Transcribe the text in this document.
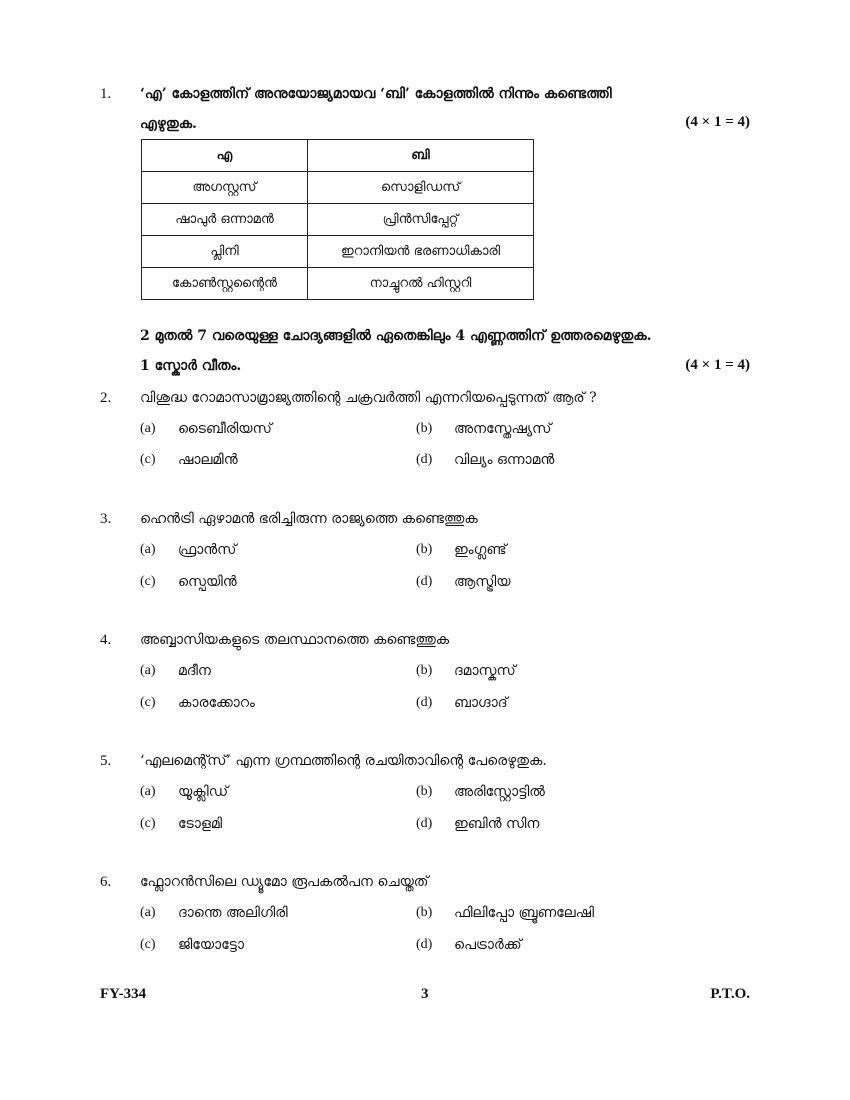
1. ‘എ’ കോളത്തിന് അനുയോജ്യമായവ ‘ബി’ കോളത്തിൽ നിന്നും കണ്ടെത്തി
എഴുതുക.	(4 × 1 = 4)
എ	ബി
അഗസ്റ്റസ്	സൊളിഡസ്
ഷാപുർ ഒന്നാമൻ	പ്രിൻസിപ്പേറ്റ്
പ്ലിനി	ഇറാനിയൻ ഭരണാധികാരി
കോൺസ്റ്റന്റൈൻ	നാച്ചുറൽ ഹിസ്റ്ററി
2 മുതൽ 7 വരെയുള്ള ചോദ്യങ്ങളിൽ ഏതെങ്കിലും 4 എണ്ണത്തിന് ഉത്തരമെഴുതുക.
1 സ്കോർ വീതം.	(4 × 1 = 4)
2. വിശുദ്ധ റോമാസാമ്രാജ്യത്തിന്റെ ചക്രവർത്തി എന്നറിയപ്പെടുന്നത് ആര് ?
(a) ടൈബീരിയസ്	(b) അനസ്തേഷ്യസ്
(c) ഷാലമിൻ	(d) വില്യം ഒന്നാമൻ
3. ഹെൻട്രി ഏഴാമൻ ഭരിച്ചിരുന്ന രാജ്യത്തെ കണ്ടെത്തുക
(a) ഫ്രാൻസ്	(b) ഇംഗ്ലണ്ട്
(c) സ്പെയിൻ	(d) ആസ്ട്രിയ
4. അബ്ബാസിയകളുടെ തലസ്ഥാനത്തെ കണ്ടെത്തുക
(a) മദീന	(b) ദമാസ്കസ്
(c) കാരക്കോറം	(d) ബാഗ്ദാദ്
5. ‘എലമെന്റ്സ്’ എന്ന ഗ്രന്ഥത്തിന്റെ രചയിതാവിന്റെ പേരെഴുതുക.
(a) യൂക്ലിഡ്	(b) അരിസ്റ്റോട്ടിൽ
(c) ടോളമി	(d) ഇബിൻ സിന
6. ഫ്ലോറൻസിലെ ഡ്യൂമോ രൂപകൽപന ചെയ്തത്
(a) ദാന്തെ അലിഗിരി	(b) ഫിലിപ്പോ ബ്രൂണലേഷി
(c) ജിയോട്ടോ	(d) പെട്രാർക്ക്
FY-334	3	P.T.O.
